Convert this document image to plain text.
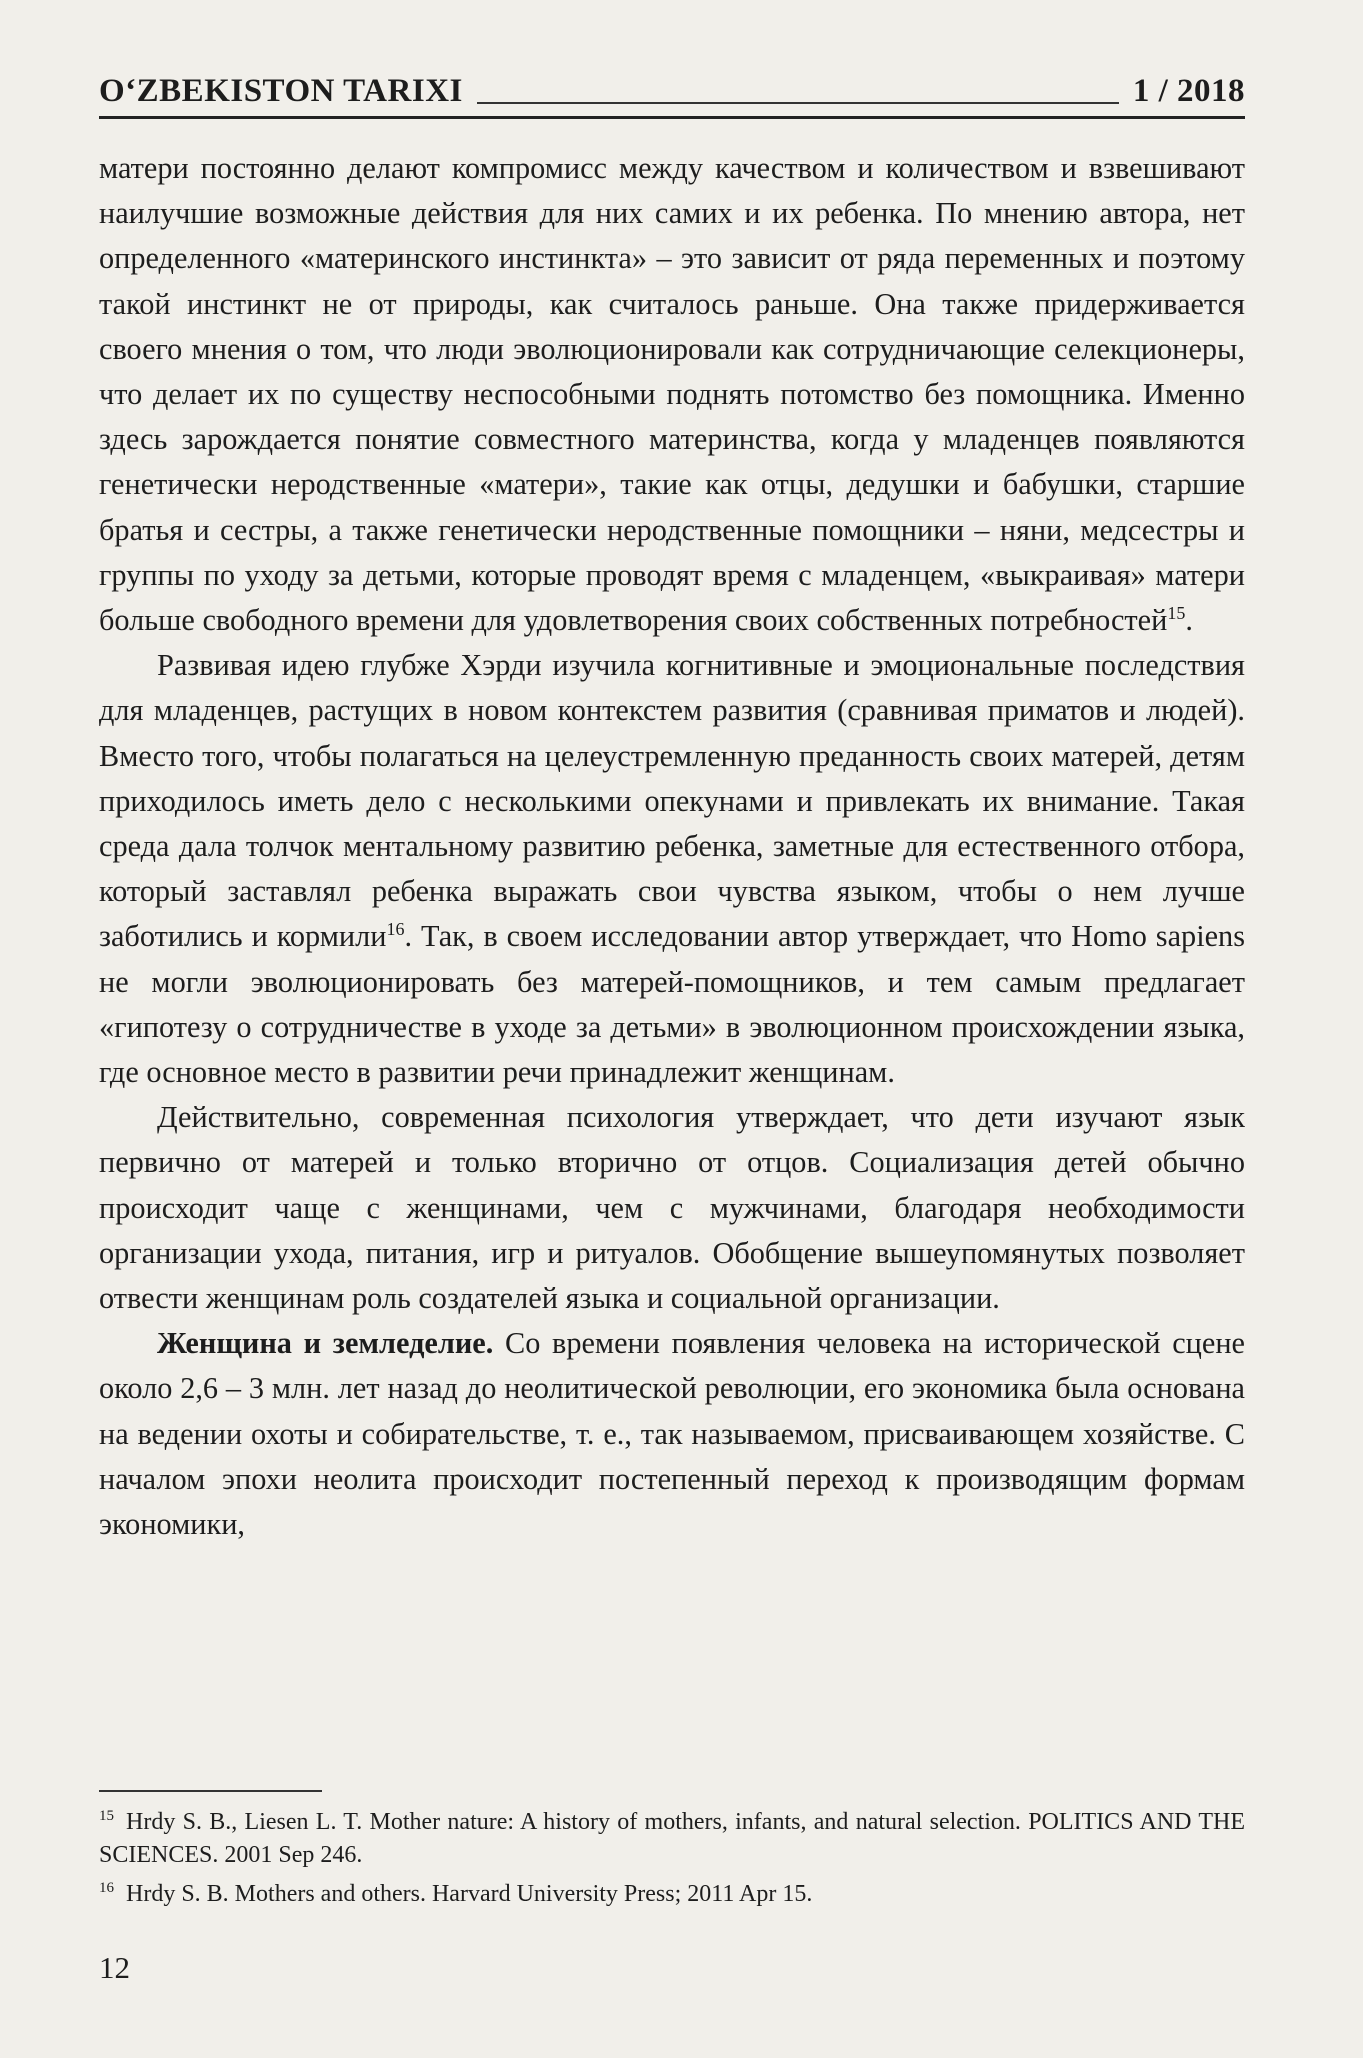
O‘ZBEKISTON TARIXI	1 / 2018

матери постоянно делают компромисс между качеством и количеством и взвешивают наилучшие возможные действия для них самих и их ребенка. По мнению автора, нет определенного «материнского инстинкта» – это зависит от ряда переменных и поэтому такой инстинкт не от природы, как считалось раньше. Она также придерживается своего мнения о том, что люди эволюционировали как сотрудничающие селекционеры, что делает их по существу неспособными поднять потомство без помощника. Именно здесь зарождается понятие совместного материнства, когда у младенцев появляются генетически неродственные «матери», такие как отцы, дедушки и бабушки, старшие братья и сестры, а также генетически неродственные помощники – няни, медсестры и группы по уходу за детьми, которые проводят время с младенцем, «выкраивая» матери больше свободного времени для удовлетворения своих собственных потребностей$^{15}$.

Развивая идею глубже Хэрди изучила когнитивные и эмоциональные последствия для младенцев, растущих в новом контекстем развития (сравнивая приматов и людей). Вместо того, чтобы полагаться на целеустремленную преданность своих матерей, детям приходилось иметь дело с несколькими опекунами и привлекать их внимание. Такая среда дала толчок ментальному развитию ребенка, заметные для естественного отбора, который заставлял ребенка выражать свои чувства языком, чтобы о нем лучше заботились и кормили$^{16}$. Так, в своем исследовании автор утверждает, что Homo sapiens не могли эволюционировать без матерей-помощников, и тем самым предлагает «гипотезу о сотрудничестве в уходе за детьми» в эволюционном происхождении языка, где основное место в развитии речи принадлежит женщинам.

Действительно, современная психология утверждает, что дети изучают язык первично от матерей и только вторично от отцов. Социализация детей обычно происходит чаще с женщинами, чем с мужчинами, благодаря необходимости организации ухода, питания, игр и ритуалов. Обобщение вышеупомянутых позволяет отвести женщинам роль создателей языка и социальной организации.

Женщина и земледелие. Со времени появления человека на исторической сцене около 2,6 – 3 млн. лет назад до неолитической революции, его экономика была основана на ведении охоты и собирательстве, т. е., так называемом, присваивающем хозяйстве. С началом эпохи неолита происходит постепенный переход к производящим формам экономики,

$^{15}$ Hrdy S. B., Liesen L. T. Mother nature: A history of mothers, infants, and natural selection. POLITICS AND THE SCIENCES. 2001 Sep 246.

$^{16}$ Hrdy S. B. Mothers and others. Harvard University Press; 2011 Apr 15.

12
